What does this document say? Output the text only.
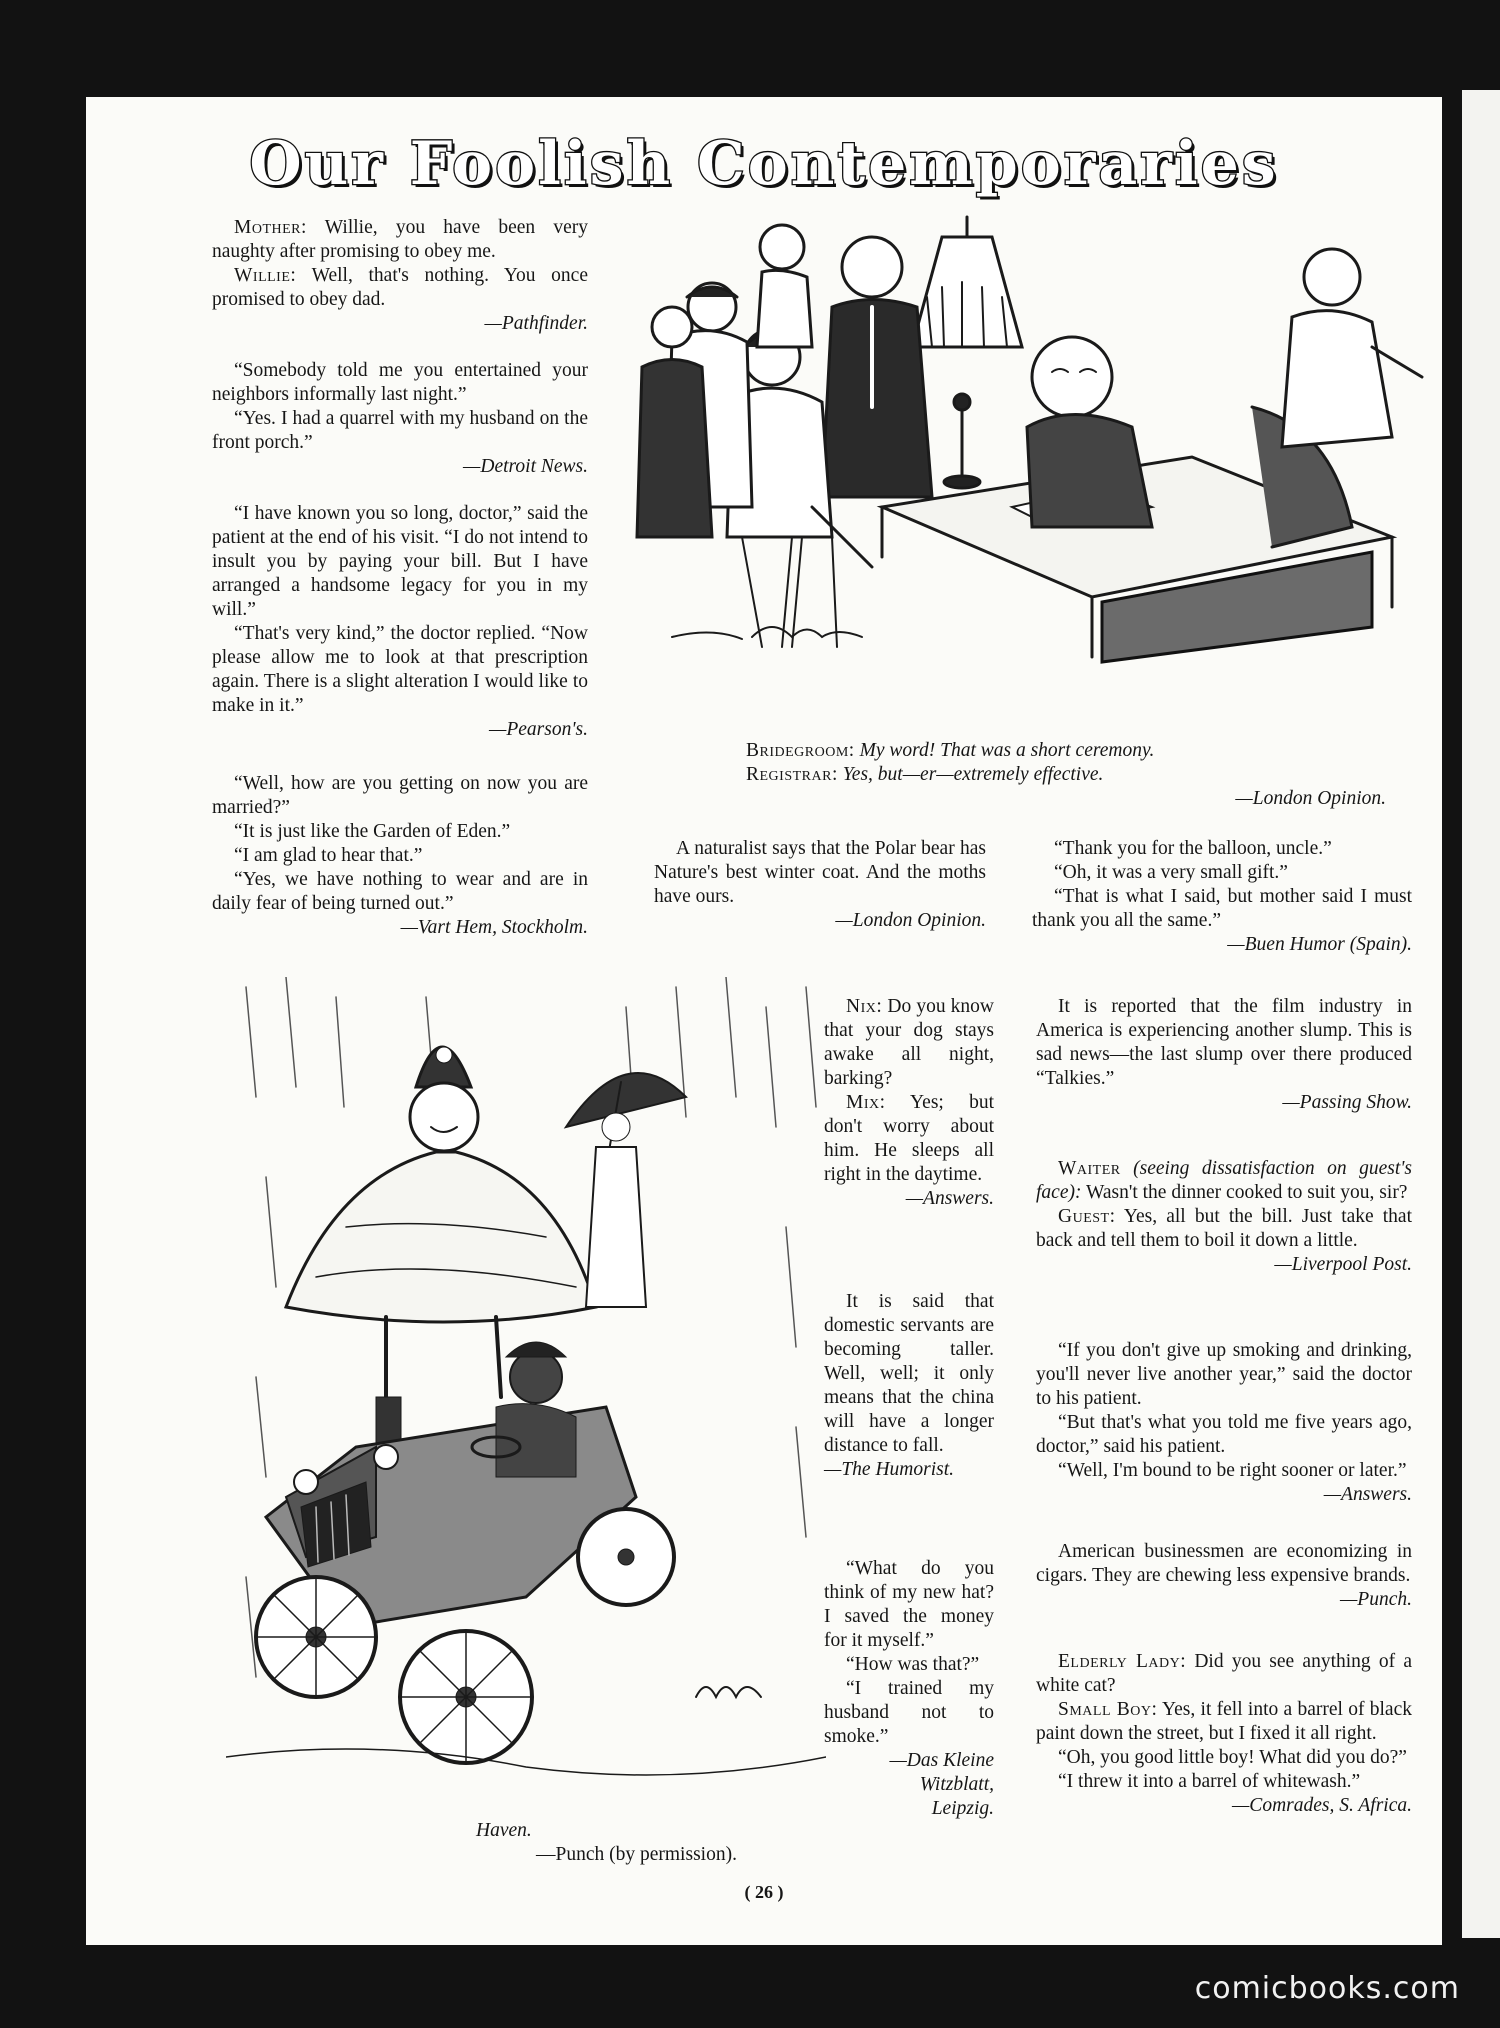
Our Foolish Contemporaries

Mother: Willie, you have been very naughty after promising to obey me.

Willie: Well, that's nothing. You once promised to obey dad.

—Pathfinder.

“Somebody told me you entertained your neighbors informally last night.”

“Yes. I had a quarrel with my husband on the front porch.”

—Detroit News.

“I have known you so long, doctor,” said the patient at the end of his visit. “I do not intend to insult you by paying your bill. But I have arranged a handsome legacy for you in my will.”

“That's very kind,” the doctor replied. “Now please allow me to look at that prescription again. There is a slight alteration I would like to make in it.”

—Pearson's.

“Well, how are you getting on now you are married?”

“It is just like the Garden of Eden.”

“I am glad to hear that.”

“Yes, we have nothing to wear and are in daily fear of being turned out.”

—Vart Hem, Stockholm.

Bridegroom: My word! That was a short ceremony.
Registrar: Yes, but—er—extremely effective.
—London Opinion.

A naturalist says that the Polar bear has Nature's best winter coat. And the moths have ours.

—London Opinion.

“Thank you for the balloon, uncle.”

“Oh, it was a very small gift.”

“That is what I said, but mother said I must thank you all the same.”

—Buen Humor (Spain).

Haven.
—Punch (by permission).

Nix: Do you know that your dog stays awake all night, barking?

Mix: Yes; but don't worry about him. He sleeps all right in the daytime.

—Answers.

It is said that domestic servants are becoming taller. Well, well; it only means that the china will have a longer distance to fall.

—The Humorist.

“What do you think of my new hat? I saved the money for it myself.”

“How was that?”

“I trained my husband not to smoke.”

—Das Kleine

Witzblatt,

Leipzig.

It is reported that the film industry in America is experiencing another slump. This is sad news—the last slump over there produced “Talkies.”

—Passing Show.

Waiter (seeing dissatisfaction on guest's face): Wasn't the dinner cooked to suit you, sir?

Guest: Yes, all but the bill. Just take that back and tell them to boil it down a little.

—Liverpool Post.

“If you don't give up smoking and drinking, you'll never live another year,” said the doctor to his patient.

“But that's what you told me five years ago, doctor,” said his patient.

“Well, I'm bound to be right sooner or later.”

—Answers.

American businessmen are economizing in cigars. They are chewing less expensive brands.

—Punch.

Elderly Lady: Did you see anything of a white cat?

Small Boy: Yes, it fell into a barrel of black paint down the street, but I fixed it all right.

“Oh, you good little boy! What did you do?”

“I threw it into a barrel of whitewash.”

—Comrades, S. Africa.

( 26 )
comicbooks.com
